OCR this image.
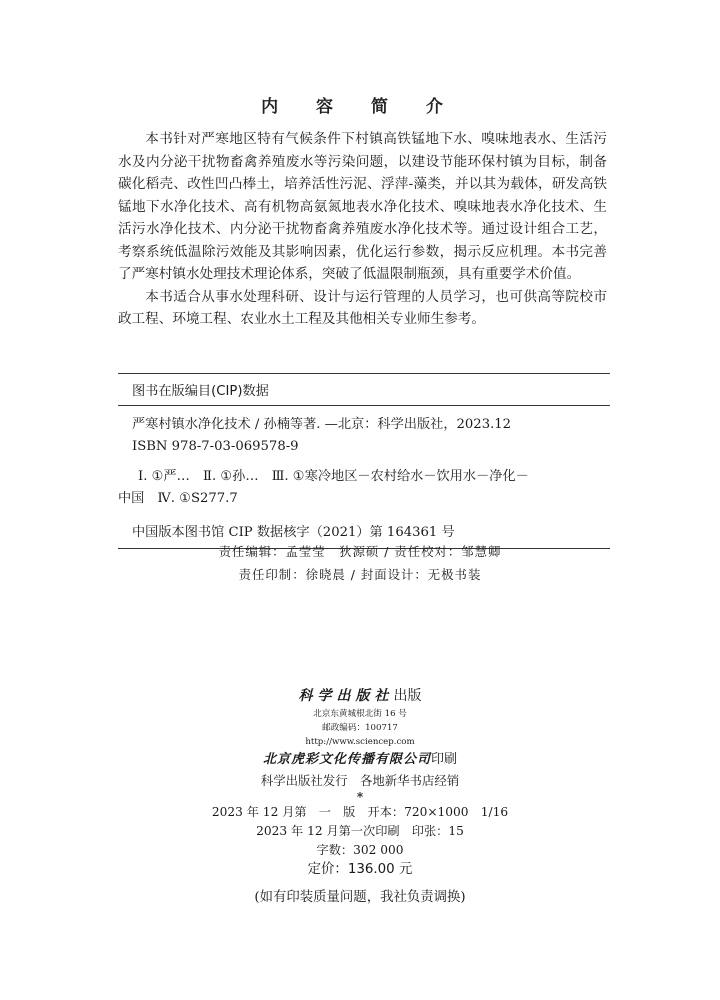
内 容 简 介

本书针对严寒地区特有气候条件下村镇高铁锰地下水、嗅味地表水、生活污水及内分泌干扰物畜禽养殖废水等污染问题，以建设节能环保村镇为目标，制备碳化稻壳、改性凹凸棒土，培养活性污泥、浮萍-藻类，并以其为载体，研发高铁锰地下水净化技术、高有机物高氨氮地表水净化技术、嗅味地表水净化技术、生活污水净化技术、内分泌干扰物畜禽养殖废水净化技术等。通过设计组合工艺，考察系统低温除污效能及其影响因素，优化运行参数，揭示反应机理。本书完善了严寒村镇水处理技术理论体系，突破了低温限制瓶颈，具有重要学术价值。

本书适合从事水处理科研、设计与运行管理的人员学习，也可供高等院校市政工程、环境工程、农业水土工程及其他相关专业师生参考。

图书在版编目(CIP)数据

严寒村镇水净化技术 / 孙楠等著. —北京：科学出版社，2023.12

ISBN 978-7-03-069578-9

Ⅰ. ①严…　Ⅱ. ①孙…　Ⅲ. ①寒冷地区－农村给水－饮用水－净化－
中国　Ⅳ. ①S277.7

中国版本图书馆 CIP 数据核字（2021）第 164361 号

责任编辑：孟莹莹　狄源硕 / 责任校对：邹慧卿
责任印制：徐晓晨 / 封面设计：无极书装
科学出版社出版
北京东黄城根北街 16 号
邮政编码：100717
http://www.sciencep.com
北京虎彩文化传播有限公司印刷
科学出版社发行　各地新华书店经销
*
2023 年 12 月第　一　版　开本：720×1000　1/16
2023 年 12 月第一次印刷　印张：15
字数：302 000
定价：136.00 元
(如有印装质量问题，我社负责调换)
